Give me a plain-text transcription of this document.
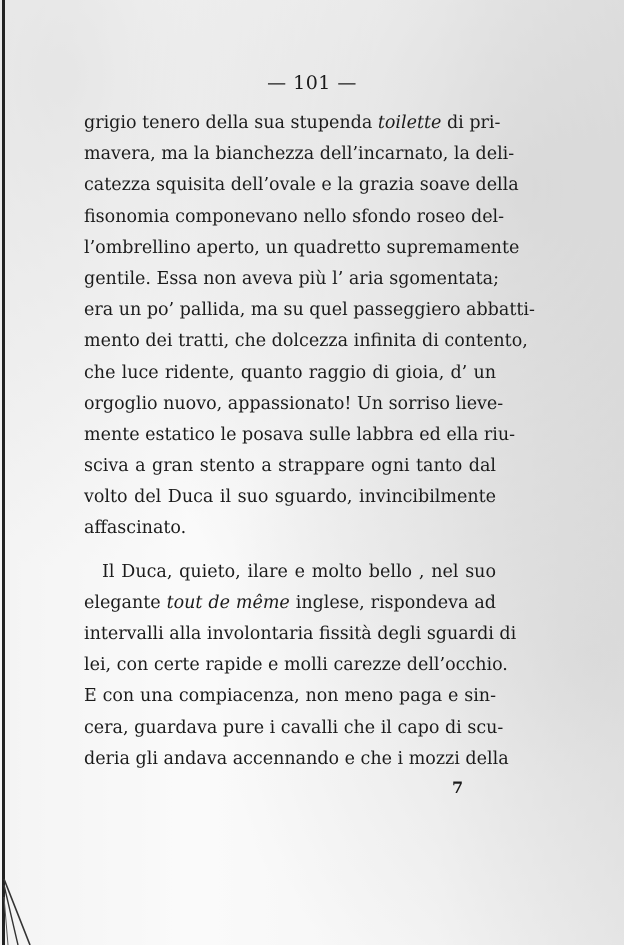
— 101 —
grigio tenero della sua stupenda toilette di pri-
mavera, ma la bianchezza dell’incarnato, la deli-
catezza squisita dell’ovale e la grazia soave della
fisonomia componevano nello sfondo roseo del-
l’ombrellino aperto, un quadretto supremamente
gentile. Essa non aveva più l’ aria sgomentata;
era un po’ pallida, ma su quel passeggiero abbatti-
mento dei tratti, che dolcezza infinita di contento,
che luce ridente, quanto raggio di gioia, d’ un
orgoglio nuovo, appassionato! Un sorriso lieve-
mente estatico le posava sulle labbra ed ella riu-
sciva a gran stento a strappare ogni tanto dal
volto del Duca il suo sguardo, invincibilmente
affascinato.
Il Duca, quieto, ilare e molto bello , nel suo
elegante tout de même inglese, rispondeva ad
intervalli alla involontaria fissità degli sguardi di
lei, con certe rapide e molli carezze dell’occhio.
E con una compiacenza, non meno paga e sin-
cera, guardava pure i cavalli che il capo di scu-
deria gli andava accennando e che i mozzi della
7
